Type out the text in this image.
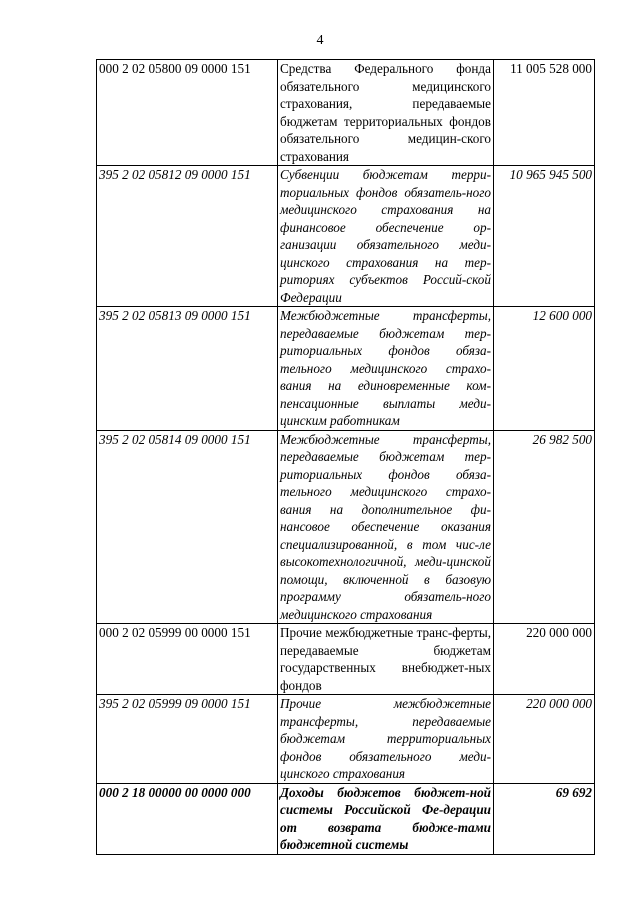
4
000 2 02 05800 09 0000 151	Средства Федерального фонда обязательного медицинского страхования, передаваемые бюджетам территориальных фондов обязательного медицин-ского страхования	11 005 528 000
395 2 02 05812 09 0000 151	Субвенции бюджетам терри-ториальных фондов обязатель-ного медицинского страхования на финансовое обеспечение ор-ганизации обязательного меди-цинского страхования на тер-риториях субъектов Россий-ской Федерации	10 965 945 500
395 2 02 05813 09 0000 151	Межбюджетные трансферты, передаваемые бюджетам тер-риториальных фондов обяза-тельного медицинского страхо-вания на единовременные ком-пенсационные выплаты меди-цинским работникам	12 600 000
395 2 02 05814 09 0000 151	Межбюджетные трансферты, передаваемые бюджетам тер-риториальных фондов обяза-тельного медицинского страхо-вания на дополнительное фи-нансовое обеспечение оказания специализированной, в том чис-ле высокотехнологичной, меди-цинской помощи, включенной в базовую программу обязатель-ного медицинского страхования	26 982 500
000 2 02 05999 00 0000 151	Прочие межбюджетные транс-ферты, передаваемые бюджетам государственных внебюджет-ных фондов	220 000 000
395 2 02 05999 09 0000 151	Прочие межбюджетные трансферты, передаваемые бюджетам территориальных фондов обязательного меди-цинского страхования	220 000 000
000 2 18 00000 00 0000 000	Доходы бюджетов бюджет-ной системы Российской Фе-дерации от возврата бюдже-тами бюджетной системы	69 692
